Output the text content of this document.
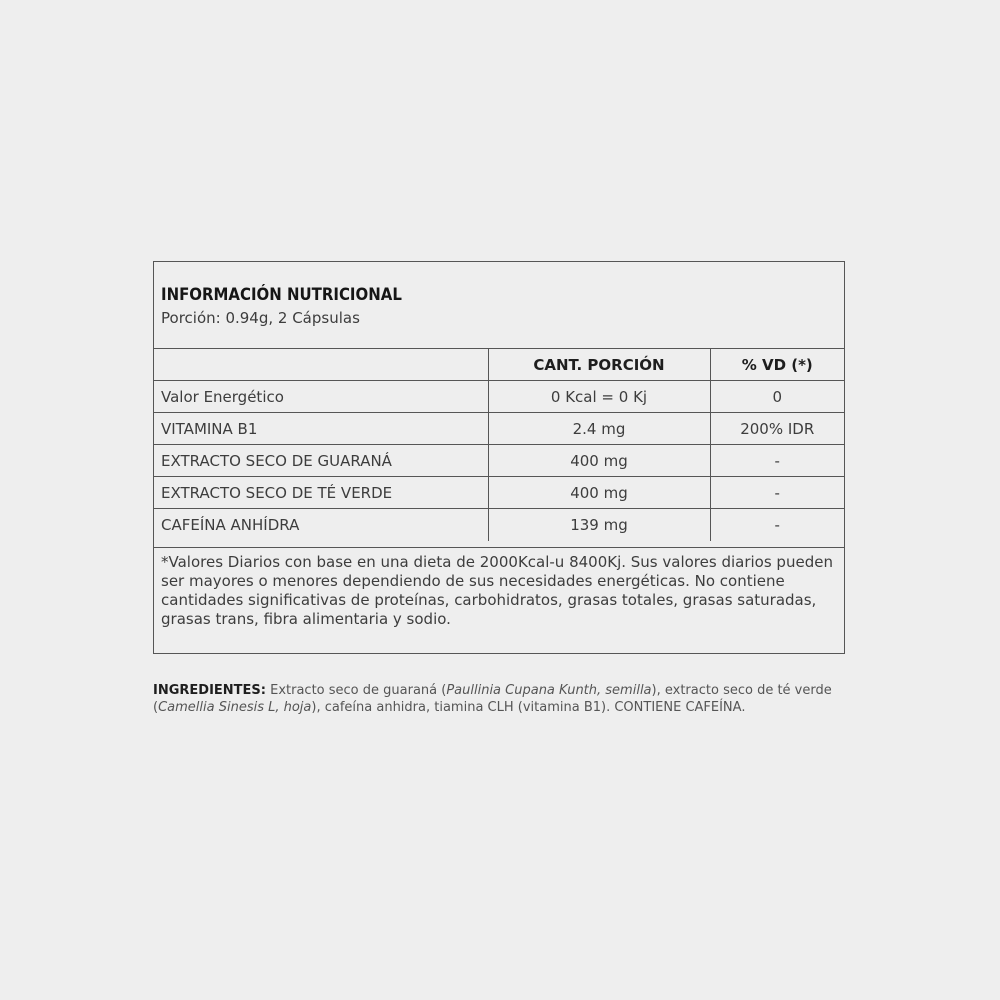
INFORMACIÓN NUTRICIONAL
Porción: 0.94g, 2 Cápsulas
	CANT. PORCIÓN	% VD (*)
Valor Energético	0 Kcal = 0 Kj	0
VITAMINA B1	2.4 mg	200% IDR
EXTRACTO SECO DE GUARANÁ	400 mg	-
EXTRACTO SECO DE TÉ VERDE	400 mg	-
CAFEÍNA ANHÍDRA	139 mg	-
*Valores Diarios con base en una dieta de 2000Kcal-u 8400Kj. Sus valores diarios pueden ser mayores o menores dependiendo de sus necesidades energéticas. No contiene cantidades significativas de proteínas, carbohidratos, grasas totales, grasas saturadas, grasas trans, fibra alimentaria y sodio.
INGREDIENTES: Extracto seco de guaraná (Paullinia Cupana Kunth, semilla), extracto seco de té verde (Camellia Sinesis L, hoja), cafeína anhidra, tiamina CLH (vitamina B1). CONTIENE CAFEÍNA.
